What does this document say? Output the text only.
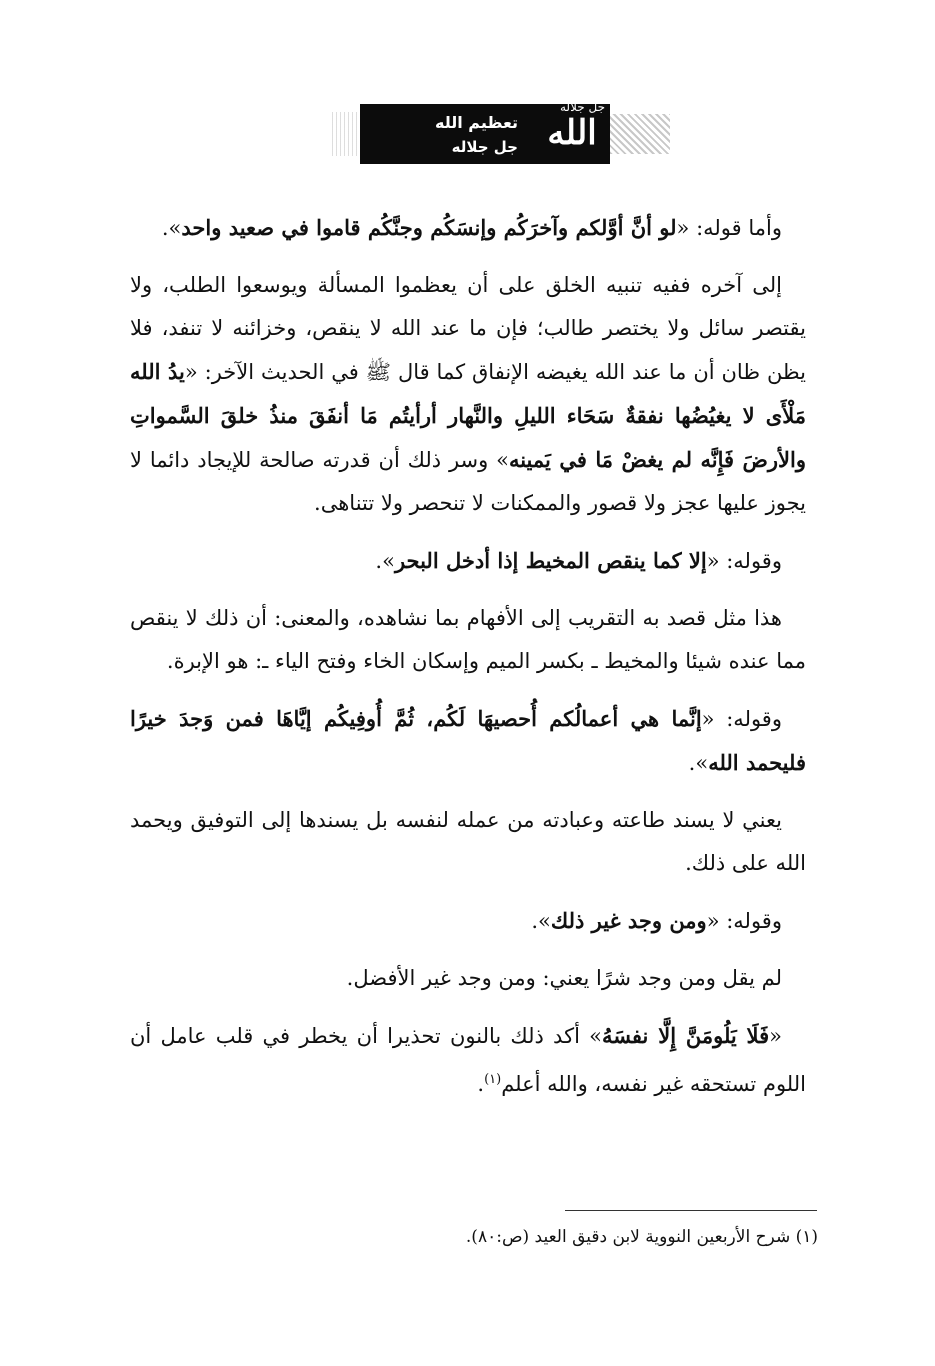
تعظيم الله
جل جلاله الله
جل جلاله

وأما قوله: «لو أنَّ أوَّلكم وآخرَكُم وإنسَكُم وجنَّكُم قاموا في صعيد واحد».

إلى آخره ففيه تنبيه الخلق على أن يعظموا المسألة ويوسعوا الطلب، ولا يقتصر سائل ولا يختصر طالب؛ فإن ما عند الله لا ينقص، وخزائنه لا تنفد، فلا يظن ظان أن ما عند الله يغيضه الإنفاق كما قال ﷺ في الحديث الآخر: «يدُ الله مَلْأَى لا يغيُضُها نفقةٌ سَحَاء الليلِ والنَّهار أرأيتُم مَا أنفَقَ منذُ خلقَ السَّمواتِ والأرضَ فَإِنَّه لم يغضْ مَا في يَمينه» وسر ذلك أن قدرته صالحة للإيجاد دائما لا يجوز عليها عجز ولا قصور والممكنات لا تنحصر ولا تتناهى.

وقوله: «إلا كما ينقص المخيط إذا أدخل البحر».

هذا مثل قصد به التقريب إلى الأفهام بما نشاهده، والمعنى: أن ذلك لا ينقص مما عنده شيئا والمخيط ـ بكسر الميم وإسكان الخاء وفتح الياء ـ: هو الإبرة.

وقوله: «إنَّما هي أعمالُكم أُحصيهَا لَكُم، ثُمَّ أُوفِيكُم إيَّاهَا فمن وَجدَ خيرًا فليحمد الله».

يعني لا يسند طاعته وعبادته من عمله لنفسه بل يسندها إلى التوفيق ويحمد الله على ذلك.

وقوله: «ومن وجد غير ذلك».

لم يقل ومن وجد شرًا يعني: ومن وجد غير الأفضل.

«فَلَا يَلُومَنَّ إِلَّا نفسَهُ» أكد ذلك بالنون تحذيرا أن يخطر في قلب عامل أن اللوم تستحقه غير نفسه، والله أعلم$^{(١)}$.

(١) شرح الأربعين النووية لابن دقيق العيد (ص:٨٠).
